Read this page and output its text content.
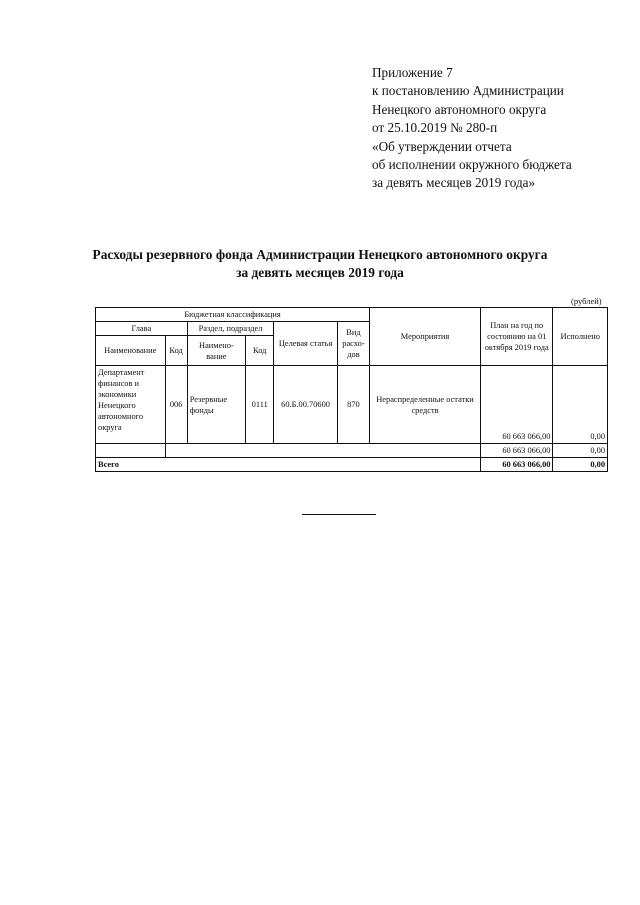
Приложение 7
к постановлению Администрации
Ненецкого автономного округа
от 25.10.2019 № 280-п
«Об утверждении отчета
об исполнении окружного бюджета
за девять месяцев 2019 года»
Расходы резервного фонда Администрации Ненецкого автономного округа
за девять месяцев 2019 года
(рублей)
Бюджетная классификация						Мероприятия	План на год по состоянию на 01 октября 2019 года	Исполнено
Глава		Раздел, подраздел		Целевая статья	Вид расхо-дов			
Наименование	Код	Наимено-вание	Код					
Департамент финансов и экономики Ненецкого автономного округа	006	Резервные фонды	0111	60.Б.00.70600	870	Нераспределенные остатки средств	60 663 066,00	0,00
							60 663 066,00	0,00
Всего							60 663 066,00	0,00
